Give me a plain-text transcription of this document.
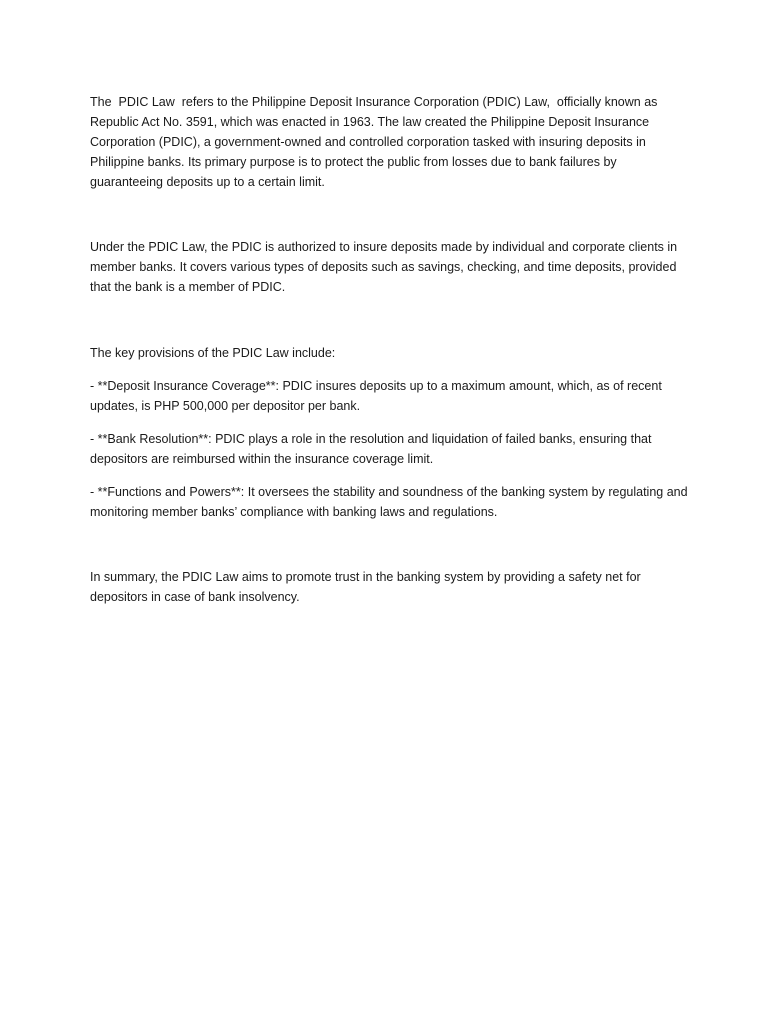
The  PDIC Law  refers to the Philippine Deposit Insurance Corporation (PDIC) Law,  officially known as Republic Act No. 3591, which was enacted in 1963. The law created the Philippine Deposit Insurance Corporation (PDIC), a government-owned and controlled corporation tasked with insuring deposits in Philippine banks. Its primary purpose is to protect the public from losses due to bank failures by guaranteeing deposits up to a certain limit.

Under the PDIC Law, the PDIC is authorized to insure deposits made by individual and corporate clients in member banks. It covers various types of deposits such as savings, checking, and time deposits, provided that the bank is a member of PDIC.

The key provisions of the PDIC Law include:

- **Deposit Insurance Coverage**: PDIC insures deposits up to a maximum amount, which, as of recent updates, is PHP 500,000 per depositor per bank.

- **Bank Resolution**: PDIC plays a role in the resolution and liquidation of failed banks, ensuring that depositors are reimbursed within the insurance coverage limit.

- **Functions and Powers**: It oversees the stability and soundness of the banking system by regulating and monitoring member banks’ compliance with banking laws and regulations.

In summary, the PDIC Law aims to promote trust in the banking system by providing a safety net for depositors in case of bank insolvency.
